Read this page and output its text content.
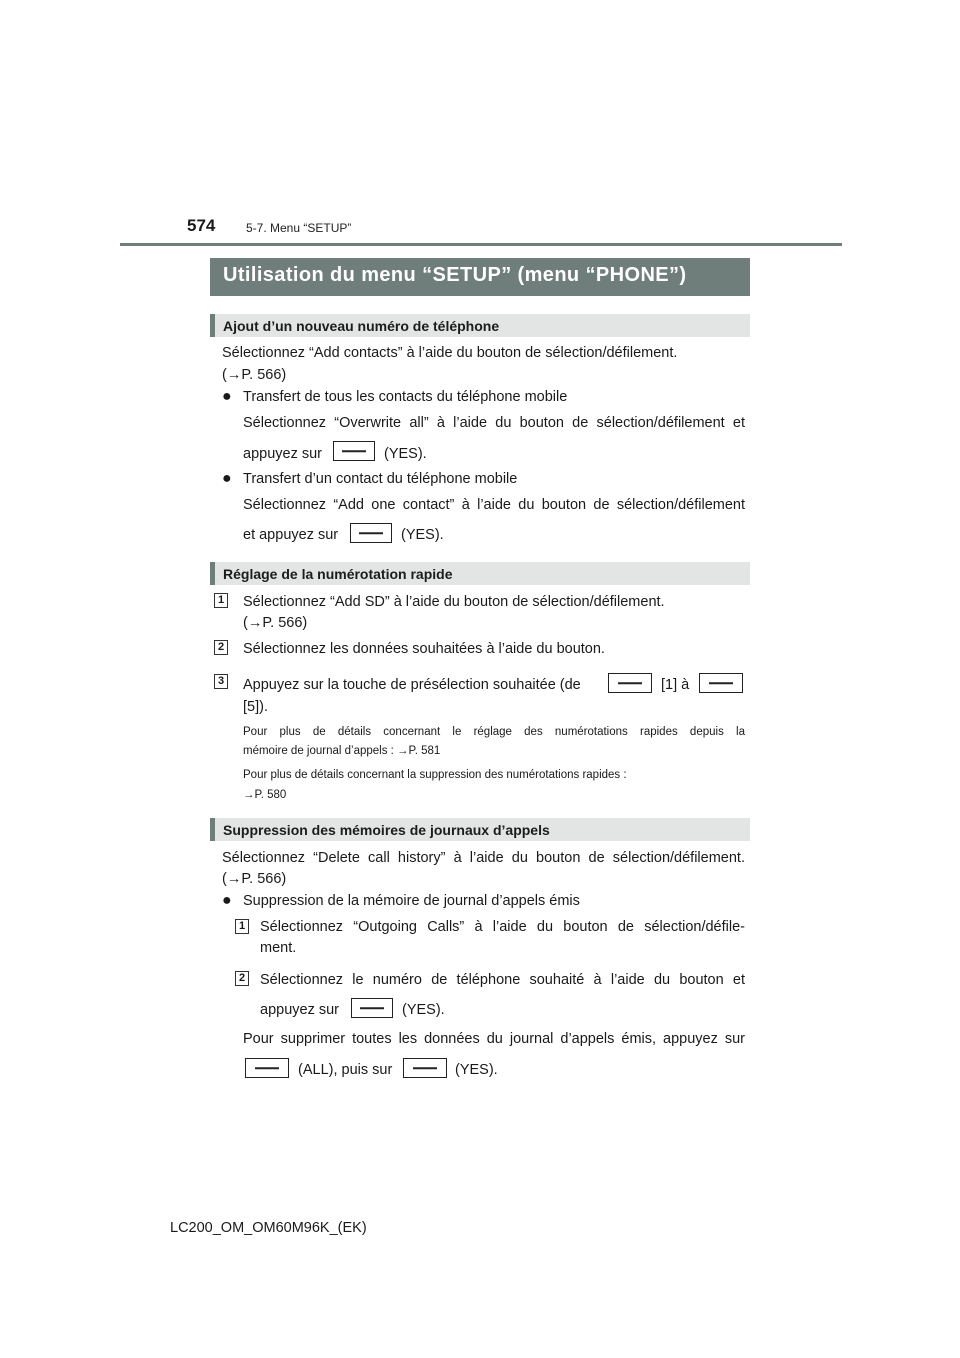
574	5-7. Menu “SETUP”
Utilisation du menu “SETUP” (menu “PHONE”)
Ajout d’un nouveau numéro de téléphone
Sélectionnez “Add contacts” à l’aide du bouton de sélection/défilement.
(→P. 566)
● Transfert de tous les contacts du téléphone mobile
Sélectionnez “Overwrite all” à l’aide du bouton de sélection/défilement et
appuyez sur	(YES).
● Transfert d’un contact du téléphone mobile
Sélectionnez “Add one contact” à l’aide du bouton de sélection/défilement
et appuyez sur	(YES).
Réglage de la numérotation rapide
1 Sélectionnez “Add SD” à l’aide du bouton de sélection/défilement.
(→P. 566)
2 Sélectionnez les données souhaitées à l’aide du bouton.
3 Appuyez sur la touche de présélection souhaitée (de	[1] à
[5]).
Pour plus de détails concernant le réglage des numérotations rapides depuis la
mémoire de journal d’appels : →P. 581
Pour plus de détails concernant la suppression des numérotations rapides :
→P. 580
Suppression des mémoires de journaux d’appels
Sélectionnez “Delete call history” à l’aide du bouton de sélection/défilement.
(→P. 566)
● Suppression de la mémoire de journal d’appels émis
1 Sélectionnez “Outgoing Calls” à l’aide du bouton de sélection/défile-
ment.
2 Sélectionnez le numéro de téléphone souhaité à l’aide du bouton et
appuyez sur	(YES).
Pour supprimer toutes les données du journal d’appels émis, appuyez sur
(ALL), puis sur	(YES).
LC200_OM_OM60M96K_(EK)
